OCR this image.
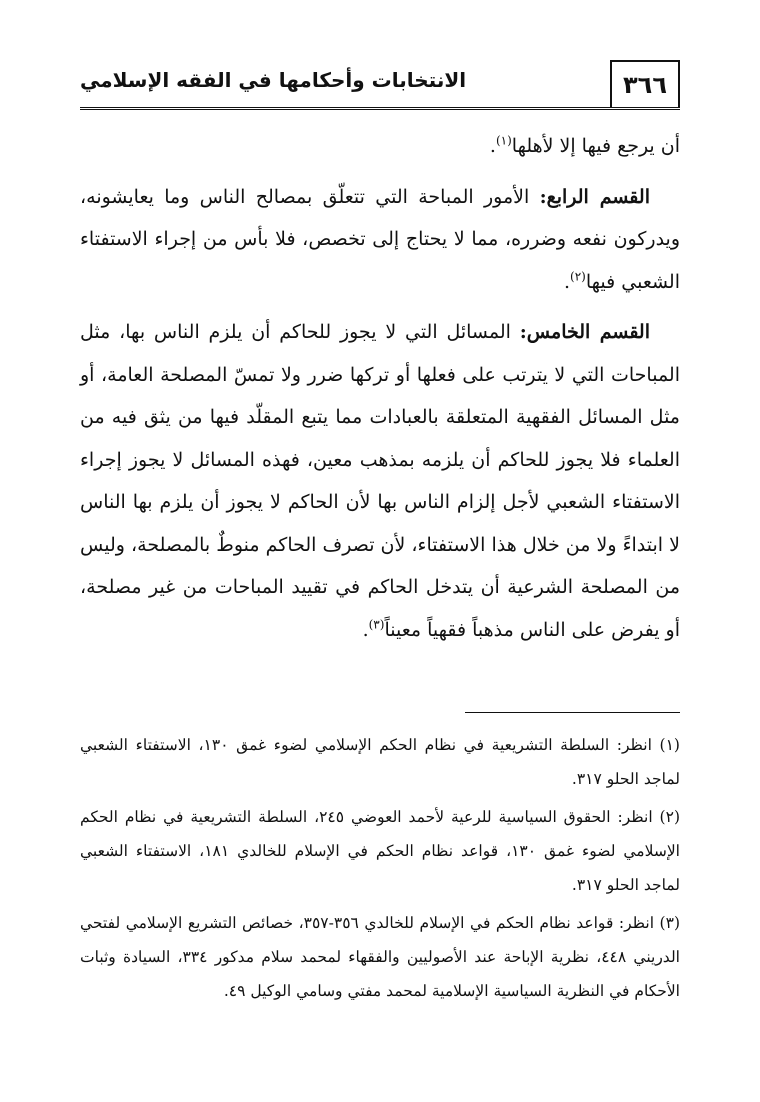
٣٦٦
الانتخابات وأحكامها في الفقه الإسلامي

أن يرجع فيها إلا لأهلها$^{(١)}$.

القسم الرابع: الأمور المباحة التي تتعلّق بمصالح الناس وما يعايشونه، ويدركون نفعه وضرره، مما لا يحتاج إلى تخصص، فلا بأس من إجراء الاستفتاء الشعبي فيها$^{(٢)}$.

القسم الخامس: المسائل التي لا يجوز للحاكم أن يلزم الناس بها، مثل المباحات التي لا يترتب على فعلها أو تركها ضرر ولا تمسّ المصلحة العامة، أو مثل المسائل الفقهية المتعلقة بالعبادات مما يتبع المقلّد فيها من يثق فيه من العلماء فلا يجوز للحاكم أن يلزمه بمذهب معين، فهذه المسائل لا يجوز إجراء الاستفتاء الشعبي لأجل إلزام الناس بها لأن الحاكم لا يجوز أن يلزم بها الناس لا ابتداءً ولا من خلال هذا الاستفتاء، لأن تصرف الحاكم منوطٌ بالمصلحة، وليس من المصلحة الشرعية أن يتدخل الحاكم في تقييد المباحات من غير مصلحة، أو يفرض على الناس مذهباً فقهياً معيناً$^{(٣)}$.

(١) انظر: السلطة التشريعية في نظام الحكم الإسلامي لضوء غمق ١٣٠، الاستفتاء الشعبي لماجد الحلو ٣١٧.

(٢) انظر: الحقوق السياسية للرعية لأحمد العوضي ٢٤٥، السلطة التشريعية في نظام الحكم الإسلامي لضوء غمق ١٣٠، قواعد نظام الحكم في الإسلام للخالدي ١٨١، الاستفتاء الشعبي لماجد الحلو ٣١٧.

(٣) انظر: قواعد نظام الحكم في الإسلام للخالدي ٣٥٦-٣٥٧، خصائص التشريع الإسلامي لفتحي الدريني ٤٤٨، نظرية الإباحة عند الأصوليين والفقهاء لمحمد سلام مدكور ٣٣٤، السيادة وثبات الأحكام في النظرية السياسية الإسلامية لمحمد مفتي وسامي الوكيل ٤٩.
